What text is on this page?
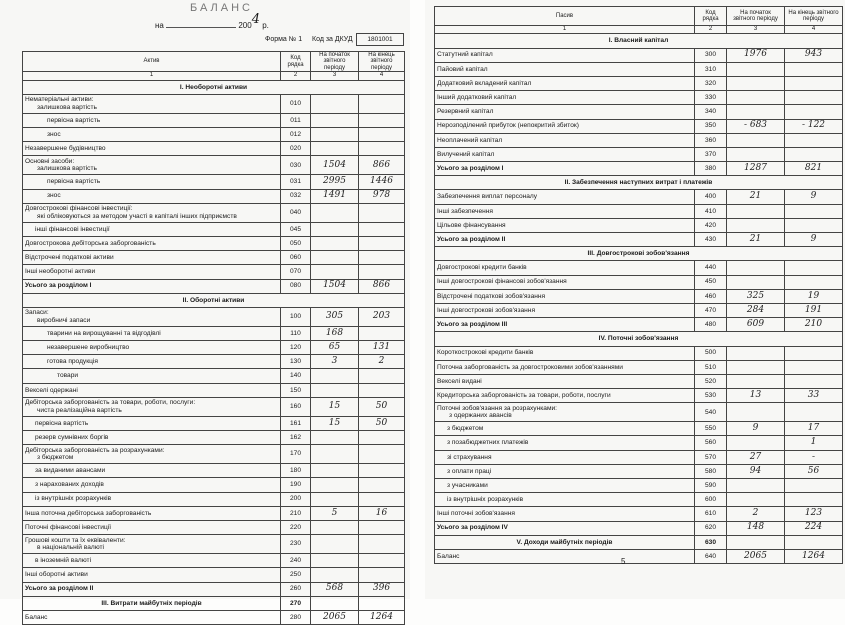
БАЛАНС
на	2004 р.
Форма № 1 Код за ДКУД	1801001
Актив	Код рядка	На початок звітного періоду	На кінець звітного періоду
1	2	3	4
I. Необоротні активи			

Нематеріальні активи:
залишкова вартість	010		
первісна вартість	011		
знос	012		
Незавершене будівництво	020		

Основні засоби:
залишкова вартість	030	1504	866
первісна вартість	031	2995	1446
знос	032	1491	978

Довгострокові фінансові інвестиції:
які обліковуються за методом участі в капіталі інших підприємств	040		
інші фінансові інвестиції	045		
Довгострокова дебіторська заборгованість	050		
Відстрочені податкові активи	060		
Інші необоротні активи	070		
Усього за розділом I	080	1504	866
II. Оборотні активи			

Запаси:
виробничі запаси	100	305	203
тварини на вирощуванні та відгодівлі	110	168	
незавершене виробництво	120	65	131
готова продукція	130	3	2
товари	140		
Векселі одержані	150		

Дебіторська заборгованість за товари, роботи, послуги:
чиста реалізаційна вартість	160	15	50
первісна вартість	161	15	50
резерв сумнівних боргів	162		

Дебіторська заборгованість за розрахунками:
з бюджетом	170		
за виданими авансами	180		
з нарахованих доходів	190		
із внутрішніх розрахунків	200		
Інша поточна дебіторська заборгованість	210	5	16
Поточні фінансові інвестиції	220		

Грошові кошти та їх еквіваленти:
в національній валюті	230		
в іноземній валюті	240		
Інші оборотні активи	250		
Усього за розділом II	260	568	396
III. Витрати майбутніх періодів	270		
Баланс	280	2065	1264
Пасив	Код рядка	На початок звітного періоду	На кінець звітного періоду
1	2	3	4
I. Власний капітал			
Статутний капітал	300	1976	943
Пайовий капітал	310		
Додатковий вкладений капітал	320		
Інший додатковий капітал	330		
Резервний капітал	340		
Нерозподілений прибуток (непокритий збиток)	350	- 683	- 122
Неоплачений капітал	360		
Вилучений капітал	370		
Усього за розділом I	380	1287	821
II. Забезпечення наступних витрат і платежів			
Забезпечення виплат персоналу	400	21	9
Інші забезпечення	410		
Цільове фінансування	420		
Усього за розділом II	430	21	9
III. Довгострокові зобов'язання			
Довгострокові кредити банків	440		
Інші довгострокові фінансові зобов'язання	450		
Відстрочені податкові зобов'язання	460	325	19
Інші довгострокові зобов'язання	470	284	191
Усього за розділом III	480	609	210
IV. Поточні зобов'язання			
Короткострокові кредити банків	500		
Поточна заборгованість за довгостроковими зобов'язаннями	510		
Векселі видані	520		
Кредиторська заборгованість за товари, роботи, послуги	530	13	33

Поточні зобов'язання за розрахунками:
з одержаних авансів	540		
з бюджетом	550	9	17
з позабюджетних платежів	560		1
зі страхування	570	27	-
з оплати праці	580	94	56
з учасниками	590		
із внутрішніх розрахунків	600		
Інші поточні зобов'язання	610	2	123
Усього за розділом IV	620	148	224
V. Доходи майбутніх періодів	630		
Баланс	640	2065	1264
5
